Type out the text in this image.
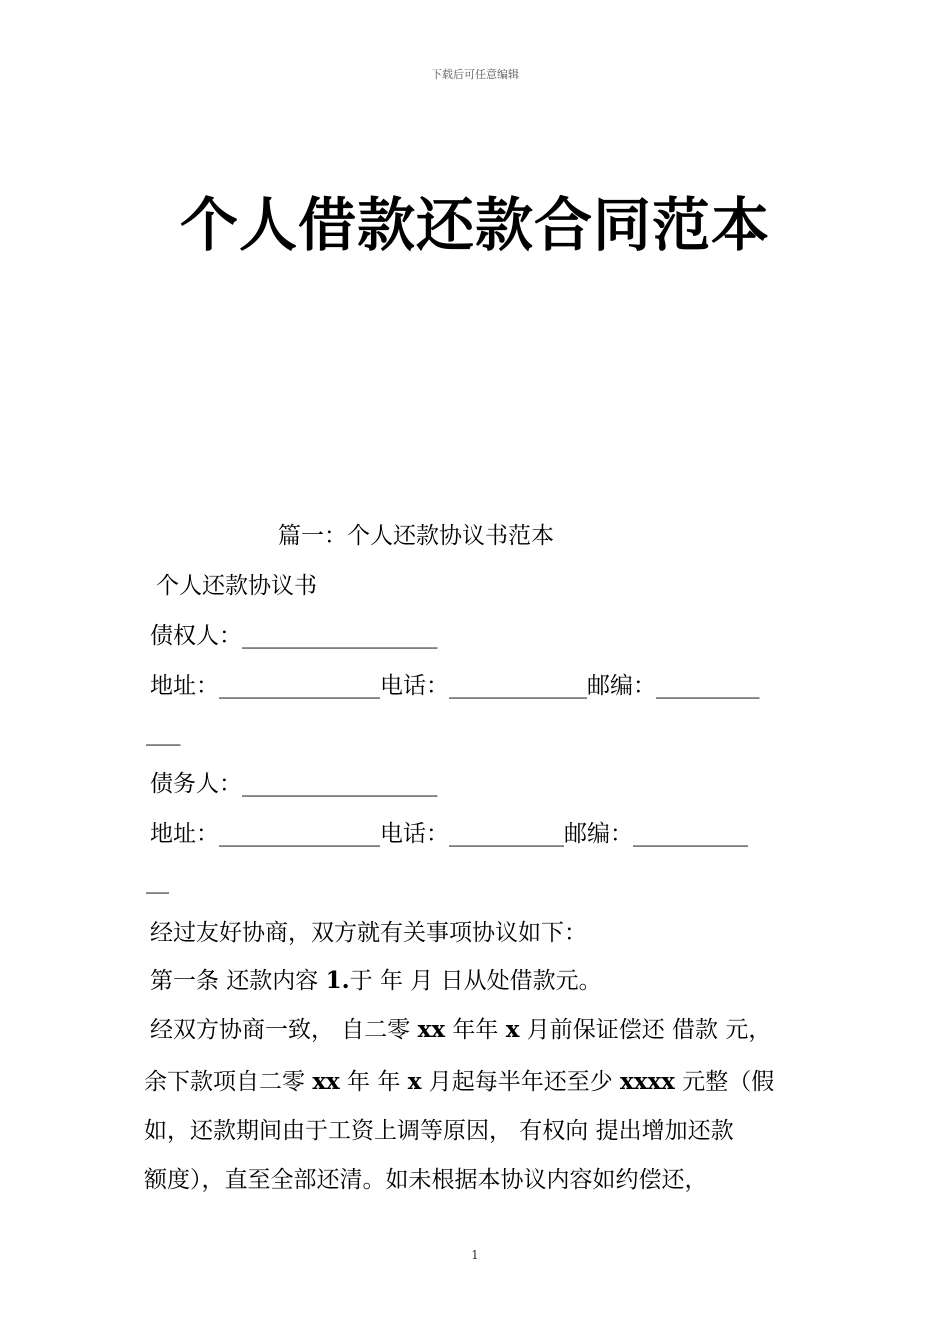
下载后可任意编辑
个人借款还款合同范本
篇一：个人还款协议书范本
个人还款协议书
债权人：_________________
地址：______________电话：____________邮编：_________
___
债务人：_________________
地址：______________电话：__________邮编：__________
__
经过友好协商，双方就有关事项协议如下：
第一条 还款内容 1.于 年 月 日从处借款元。
经双方协商一致， 自二零 xx 年年 x 月前保证偿还 借款 元，
余下款项自二零 xx 年 年 x 月起每半年还至少 xxxx 元整（假
如，还款期间由于工资上调等原因， 有权向 提出增加还款
额度），直至全部还清。如未根据本协议内容如约偿还，
1
